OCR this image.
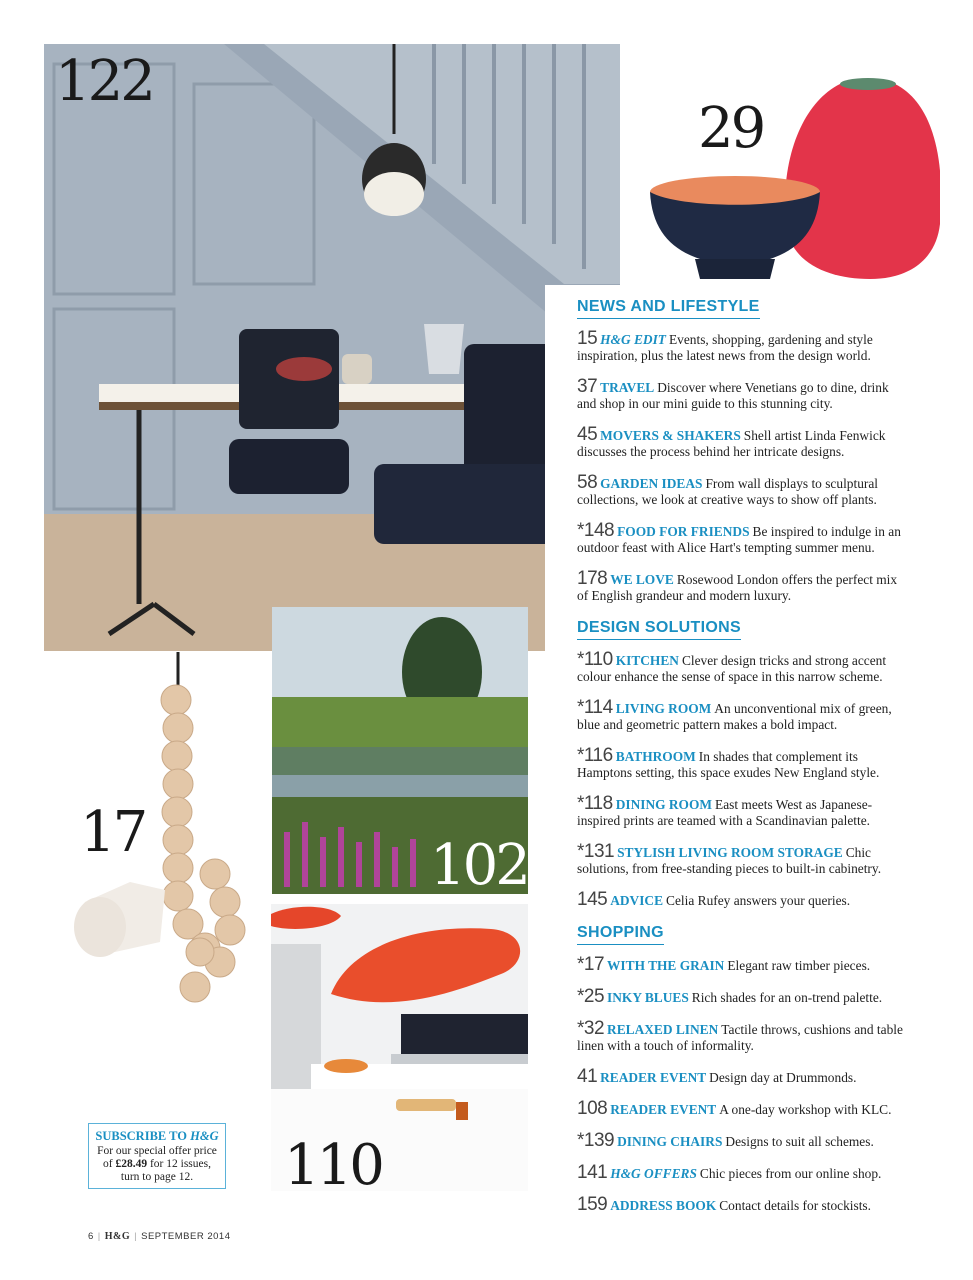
122
29
17
102
110
NEWS AND LIFESTYLE
15 H&G EDIT Events, shopping, gardening and style inspiration, plus the latest news from the design world.
37 TRAVEL Discover where Venetians go to dine, drink and shop in our mini guide to this stunning city.
45 MOVERS & SHAKERS Shell artist Linda Fenwick discusses the process behind her intricate designs.
58 GARDEN IDEAS From wall displays to sculptural collections, we look at creative ways to show off plants.
*148 FOOD FOR FRIENDS Be inspired to indulge in an outdoor feast with Alice Hart's tempting summer menu.
178 WE LOVE Rosewood London offers the perfect mix of English grandeur and modern luxury.
DESIGN SOLUTIONS
*110 KITCHEN Clever design tricks and strong accent colour enhance the sense of space in this narrow scheme.
*114 LIVING ROOM An unconventional mix of green, blue and geometric pattern makes a bold impact.
*116 BATHROOM In shades that complement its Hamptons setting, this space exudes New England style.
*118 DINING ROOM East meets West as Japanese-inspired prints are teamed with a Scandinavian palette.
*131 STYLISH LIVING ROOM STORAGE Chic solutions, from free-standing pieces to built-in cabinetry.
145 ADVICE Celia Rufey answers your queries.
SHOPPING
*17 WITH THE GRAIN Elegant raw timber pieces.
*25 INKY BLUES Rich shades for an on-trend palette.
*32 RELAXED LINEN Tactile throws, cushions and table linen with a touch of informality.
41 READER EVENT Design day at Drummonds.
108 READER EVENT A one-day workshop with KLC.
*139 DINING CHAIRS Designs to suit all schemes.
141 H&G OFFERS Chic pieces from our online shop.
159 ADDRESS BOOK Contact details for stockists.
SUBSCRIBE TO H&G
For our special offer price
of £28.49 for 12 issues,
turn to page 12.
6 | H&G | SEPTEMBER 2014
